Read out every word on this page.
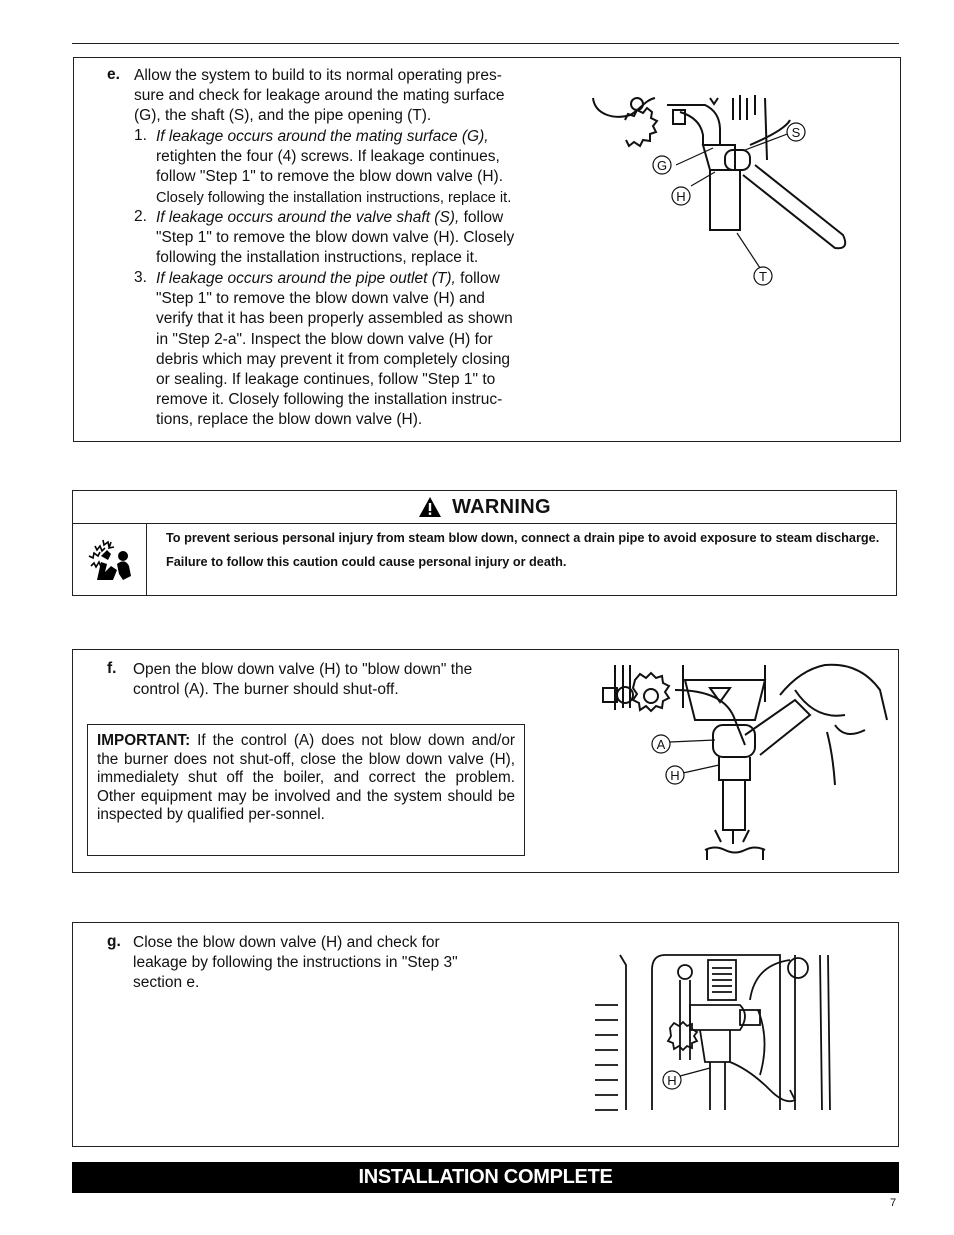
e. Allow the system to build to its normal operating pres-
sure and check for leakage around the mating surface
(G), the shaft (S), and the pipe opening (T).
1. If leakage occurs around the mating surface (G),
retighten the four (4) screws. If leakage continues,
follow "Step 1" to remove the blow down valve (H).
Closely following the installation instructions, replace it.
2. If leakage occurs around the valve shaft (S), follow
"Step 1" to remove the blow down valve (H). Closely
following the installation instructions, replace it.
3. If leakage occurs around the pipe outlet (T), follow
"Step 1" to remove the blow down valve (H) and
verify that it has been properly assembled as shown
in "Step 2-a". Inspect the blow down valve (H) for
debris which may prevent it from completely closing
or sealing. If leakage continues, follow "Step 1" to
remove it. Closely following the installation instruc-
tions, replace the blow down valve (H).
S
G
H
T
WARNING
To prevent serious personal injury from steam blow down, connect a drain pipe to avoid exposure to steam discharge.
Failure to follow this caution could cause personal injury or death.
f. Open the blow down valve (H) to "blow down" the
control (A). The burner should shut-off.
IMPORTANT: If the control (A) does not blow down and/or the burner does not shut-off, close the blow down valve (H), immedialety shut off the boiler, and correct the problem. Other equipment may be involved and the system should be inspected by qualified per-sonnel.
A
H
g. Close the blow down valve (H) and check for
leakage by following the instructions in "Step 3"
section e.
H
INSTALLATION COMPLETE
7
